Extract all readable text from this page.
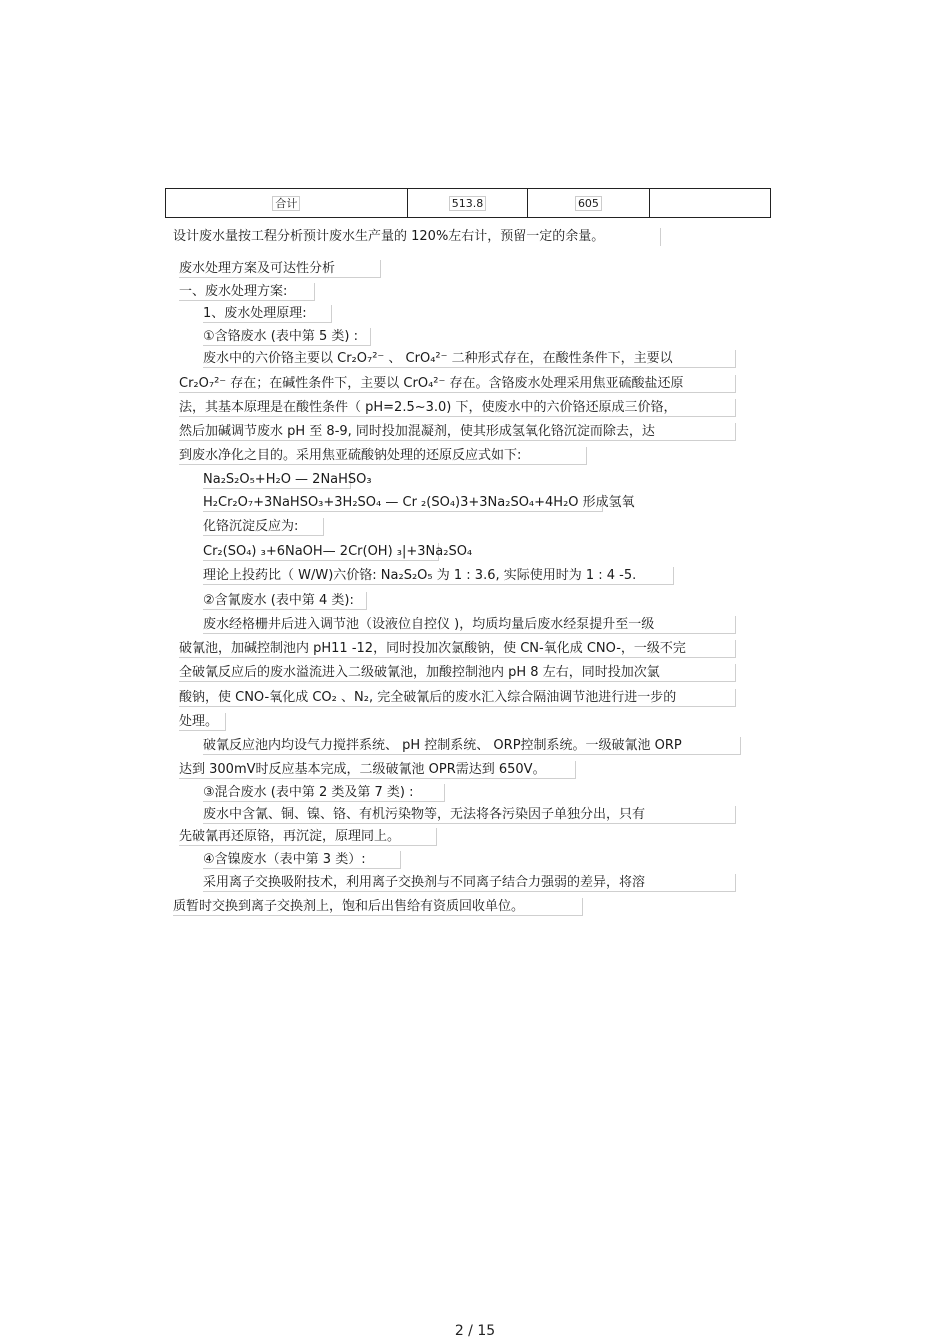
合计	513.8	605	
设计废水量按工程分析预计废水生产量的 120%左右计，预留一定的余量。
废水处理方案及可达性分析
一、废水处理方案:
1、废水处理原理:
①含铬废水 (表中第 5 类) :
废水中的六价铬主要以 Cr₂O₇²⁻ 、 CrO₄²⁻ 二种形式存在，在酸性条件下，主要以
Cr₂O₇²⁻ 存在；在碱性条件下，主要以 CrO₄²⁻ 存在。含铬废水处理采用焦亚硫酸盐还原
法，其基本原理是在酸性条件（ pH=2.5~3.0) 下，使废水中的六价铬还原成三价铬，
然后加碱调节废水 pH 至 8-9, 同时投加混凝剂，使其形成氢氧化铬沉淀而除去，达
到废水净化之目的。采用焦亚硫酸钠处理的还原反应式如下:
Na₂S₂O₅+H₂O — 2NaHSO₃
H₂Cr₂O₇+3NaHSO₃+3H₂SO₄ — Cr ₂(SO₄)3+3Na₂SO₄+4H₂O 形成氢氧
化铬沉淀反应为:
Cr₂(SO₄) ₃+6NaOH— 2Cr(OH) ₃|+3Na₂SO₄
理论上投药比（ W/W)六价铬: Na₂S₂O₅ 为 1 : 3.6, 实际使用时为 1 : 4 -5.
②含氰废水 (表中第 4 类):
废水经格栅井后进入调节池（设液位自控仪 )，均质均量后废水经泵提升至一级
破氰池，加碱控制池内 pH11 -12，同时投加次氯酸钠，使 CN-氧化成 CNO-，一级不完
全破氰反应后的废水溢流进入二级破氰池，加酸控制池内 pH 8 左右，同时投加次氯
酸钠，使 CNO-氧化成 CO₂ 、N₂, 完全破氰后的废水汇入综合隔油调节池进行进一步的
处理。
破氰反应池内均设气力搅拌系统、 pH 控制系统、 ORP控制系统。一级破氰池 ORP
达到 300mV时反应基本完成，二级破氰池 OPR需达到 650V。
③混合废水 (表中第 2 类及第 7 类) :
废水中含氰、铜、镍、铬、有机污染物等，无法将各污染因子单独分出，只有
先破氰再还原铬，再沉淀，原理同上。
④含镍废水（表中第 3 类）:
采用离子交换吸附技术，利用离子交换剂与不同离子结合力强弱的差异，将溶
质暂时交换到离子交换剂上，饱和后出售给有资质回收单位。
2 / 15
